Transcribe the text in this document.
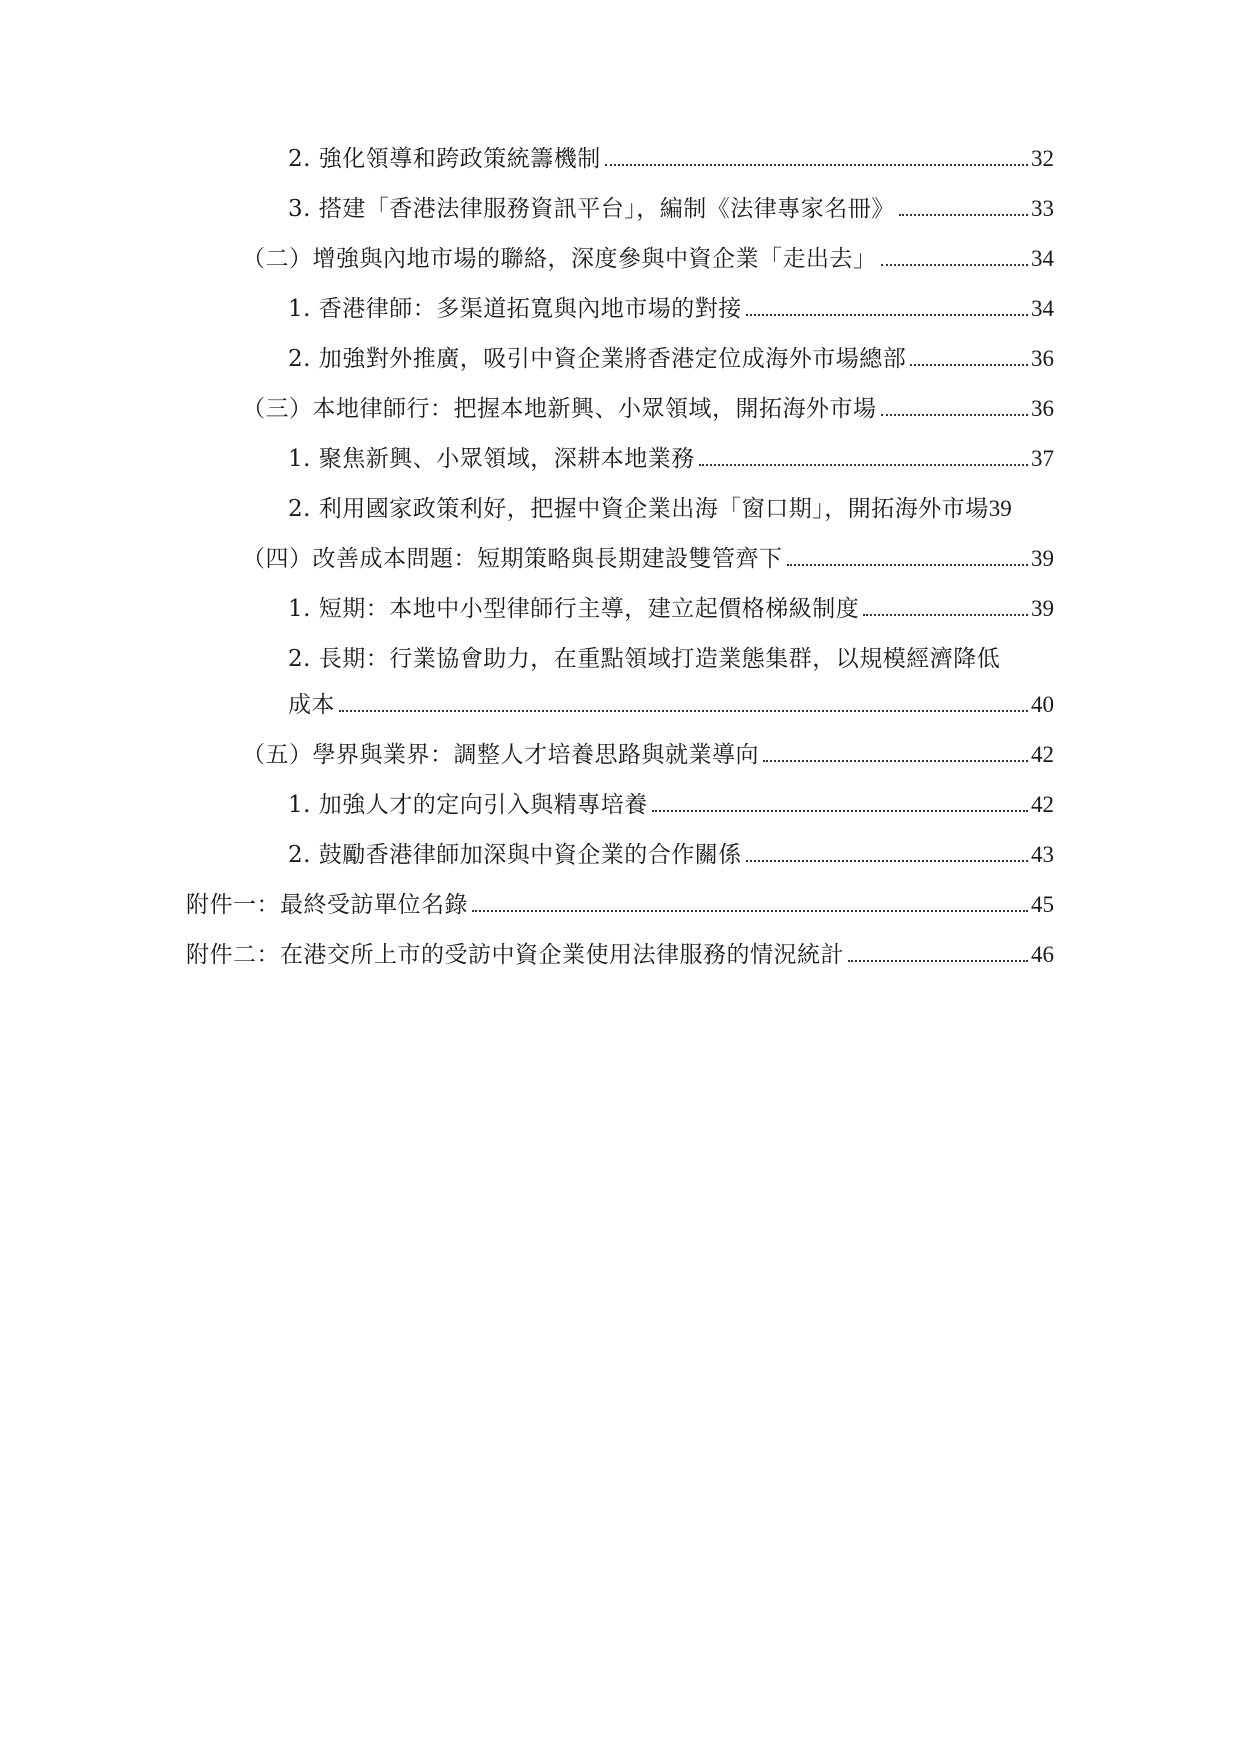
2. 強化領導和跨政策統籌機制	32
3. 搭建「香港法律服務資訊平台」，編制《法律專家名冊》	33
（二）增強與內地市場的聯絡，深度參與中資企業「走出去」	34
1. 香港律師：多渠道拓寬與內地市場的對接	34
2. 加強對外推廣，吸引中資企業將香港定位成海外市場總部	36
（三）本地律師行：把握本地新興、小眾領域，開拓海外市場	36
1. 聚焦新興、小眾領域，深耕本地業務	37
2. 利用國家政策利好，把握中資企業出海「窗口期」，開拓海外市場 39
（四）改善成本問題：短期策略與長期建設雙管齊下	39
1. 短期：本地中小型律師行主導，建立起價格梯級制度	39
2. 長期：行業協會助力，在重點領域打造業態集群，以規模經濟降低
成本	40
（五）學界與業界：調整人才培養思路與就業導向	42
1. 加強人才的定向引入與精專培養	42
2. 鼓勵香港律師加深與中資企業的合作關係	43
附件一：最終受訪單位名錄	45
附件二：在港交所上市的受訪中資企業使用法律服務的情況統計	46
